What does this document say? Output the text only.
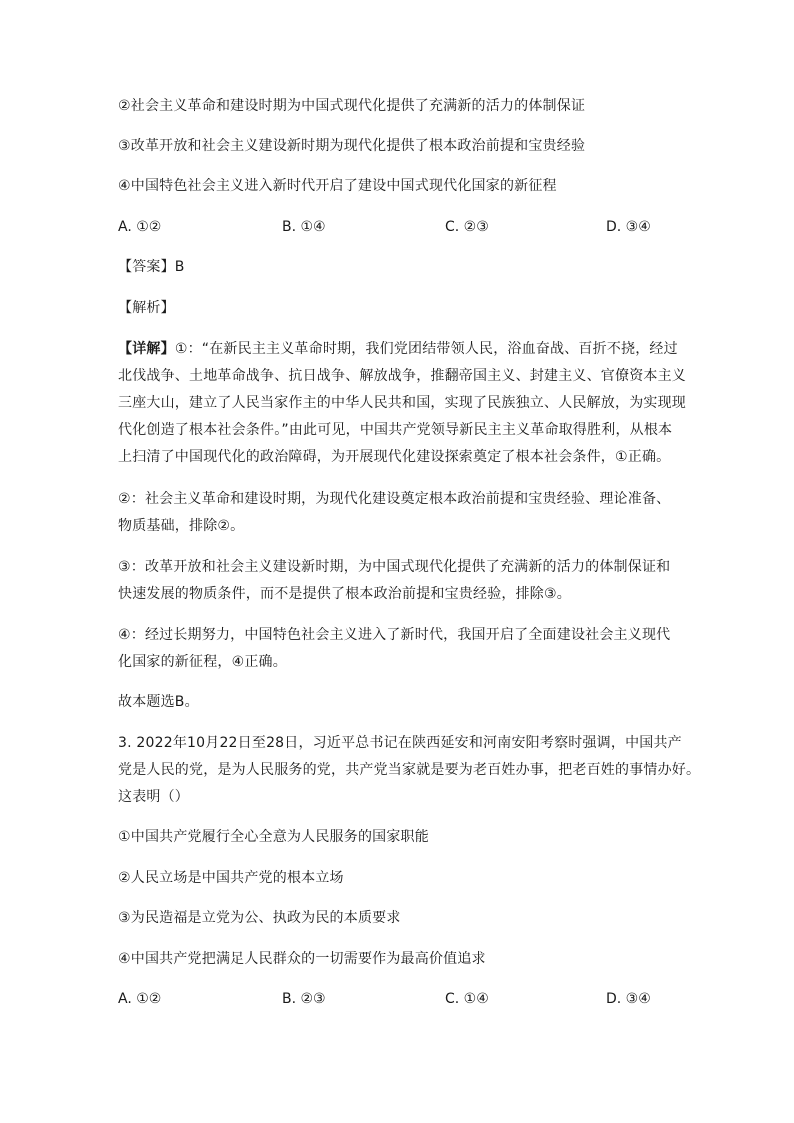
②社会主义革命和建设时期为中国式现代化提供了充满新的活力的体制保证
③改革开放和社会主义建设新时期为现代化提供了根本政治前提和宝贵经验
④中国特色社会主义进入新时代开启了建设中国式现代化国家的新征程
A. ①②	B. ①④	C. ②③	D. ③④
【答案】B
【解析】
【详解】①：“在新民主主义革命时期，我们党团结带领人民，浴血奋战、百折不挠，经过
北伐战争、土地革命战争、抗日战争、解放战争，推翻帝国主义、封建主义、官僚资本主义
三座大山，建立了人民当家作主的中华人民共和国，实现了民族独立、人民解放，为实现现
代化创造了根本社会条件。”由此可见，中国共产党领导新民主主义革命取得胜利，从根本
上扫清了中国现代化的政治障碍，为开展现代化建设探索奠定了根本社会条件，①正确。
②：社会主义革命和建设时期，为现代化建设奠定根本政治前提和宝贵经验、理论准备、
物质基础，排除②。
③：改革开放和社会主义建设新时期，为中国式现代化提供了充满新的活力的体制保证和
快速发展的物质条件，而不是提供了根本政治前提和宝贵经验，排除③。
④：经过长期努力，中国特色社会主义进入了新时代，我国开启了全面建设社会主义现代
化国家的新征程，④正确。
故本题选B。
3. 2022年10月22日至28日，习近平总书记在陕西延安和河南安阳考察时强调，中国共产
党是人民的党，是为人民服务的党，共产党当家就是要为老百姓办事，把老百姓的事情办好。
这表明（）
①中国共产党履行全心全意为人民服务的国家职能
②人民立场是中国共产党的根本立场
③为民造福是立党为公、执政为民的本质要求
④中国共产党把满足人民群众的一切需要作为最高价值追求
A. ①②	B. ②③	C. ①④	D. ③④
